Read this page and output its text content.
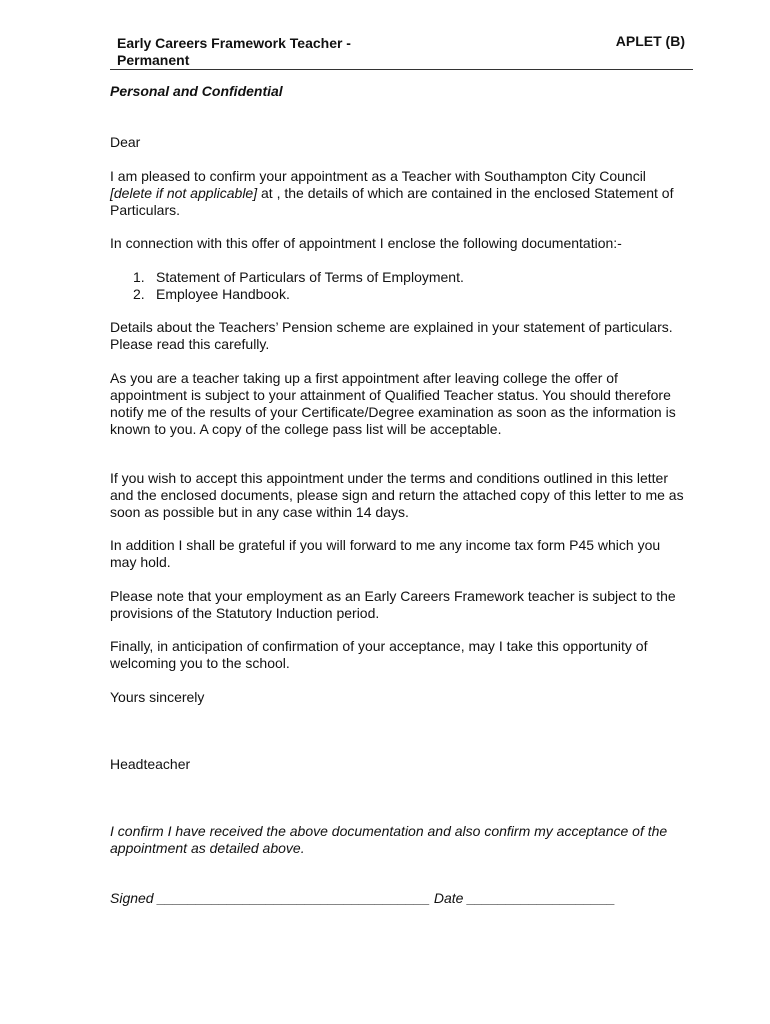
Early Careers Framework Teacher - Permanent
APLET (B)

Personal and Confidential

Dear

I am pleased to confirm your appointment as a Teacher with Southampton City Council [delete if not applicable] at , the details of which are contained in the enclosed Statement of Particulars.

In connection with this offer of appointment I enclose the following documentation:-

1. Statement of Particulars of Terms of Employment.
2. Employee Handbook.

Details about the Teachers’ Pension scheme are explained in your statement of particulars. Please read this carefully.

As you are a teacher taking up a first appointment after leaving college the offer of appointment is subject to your attainment of Qualified Teacher status. You should therefore notify me of the results of your Certificate/Degree examination as soon as the information is known to you. A copy of the college pass list will be acceptable.

If you wish to accept this appointment under the terms and conditions outlined in this letter and the enclosed documents, please sign and return the attached copy of this letter to me as soon as possible but in any case within 14 days.

In addition I shall be grateful if you will forward to me any income tax form P45 which you may hold.

Please note that your employment as an Early Careers Framework teacher is subject to the provisions of the Statutory Induction period.

Finally, in anticipation of confirmation of your acceptance, may I take this opportunity of welcoming you to the school.

Yours sincerely

Headteacher

I confirm I have received the above documentation and also confirm my acceptance of the appointment as detailed above.

Signed ___________________________________ Date ___________________
